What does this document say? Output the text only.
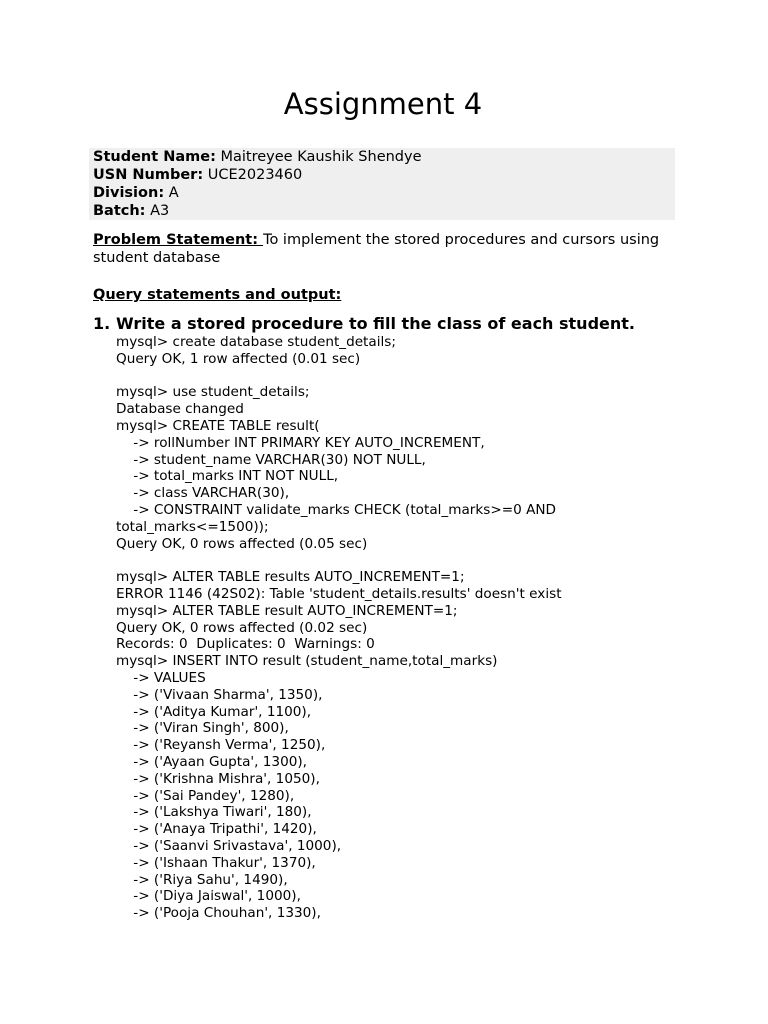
Assignment 4
Student Name: Maitreyee Kaushik Shendye
USN Number: UCE2023460
Division: A
Batch: A3
Problem Statement: To implement the stored procedures and cursors using student database
Query statements and output:
1. Write a stored procedure to fill the class of each student.
mysql> create database student_details;
Query OK, 1 row affected (0.01 sec)
mysql> use student_details;
Database changed
mysql> CREATE TABLE result(
-> rollNumber INT PRIMARY KEY AUTO_INCREMENT,
-> student_name VARCHAR(30) NOT NULL,
-> total_marks INT NOT NULL,
-> class VARCHAR(30),
-> CONSTRAINT validate_marks CHECK (total_marks>=0 AND
total_marks<=1500));
Query OK, 0 rows affected (0.05 sec)
mysql> ALTER TABLE results AUTO_INCREMENT=1;
ERROR 1146 (42S02): Table 'student_details.results' doesn't exist
mysql> ALTER TABLE result AUTO_INCREMENT=1;
Query OK, 0 rows affected (0.02 sec)
Records: 0  Duplicates: 0  Warnings: 0
mysql> INSERT INTO result (student_name,total_marks)
-> VALUES
-> ('Vivaan Sharma', 1350),
-> ('Aditya Kumar', 1100),
-> ('Viran Singh', 800),
-> ('Reyansh Verma', 1250),
-> ('Ayaan Gupta', 1300),
-> ('Krishna Mishra', 1050),
-> ('Sai Pandey', 1280),
-> ('Lakshya Tiwari', 180),
-> ('Anaya Tripathi', 1420),
-> ('Saanvi Srivastava', 1000),
-> ('Ishaan Thakur', 1370),
-> ('Riya Sahu', 1490),
-> ('Diya Jaiswal', 1000),
-> ('Pooja Chouhan', 1330),
